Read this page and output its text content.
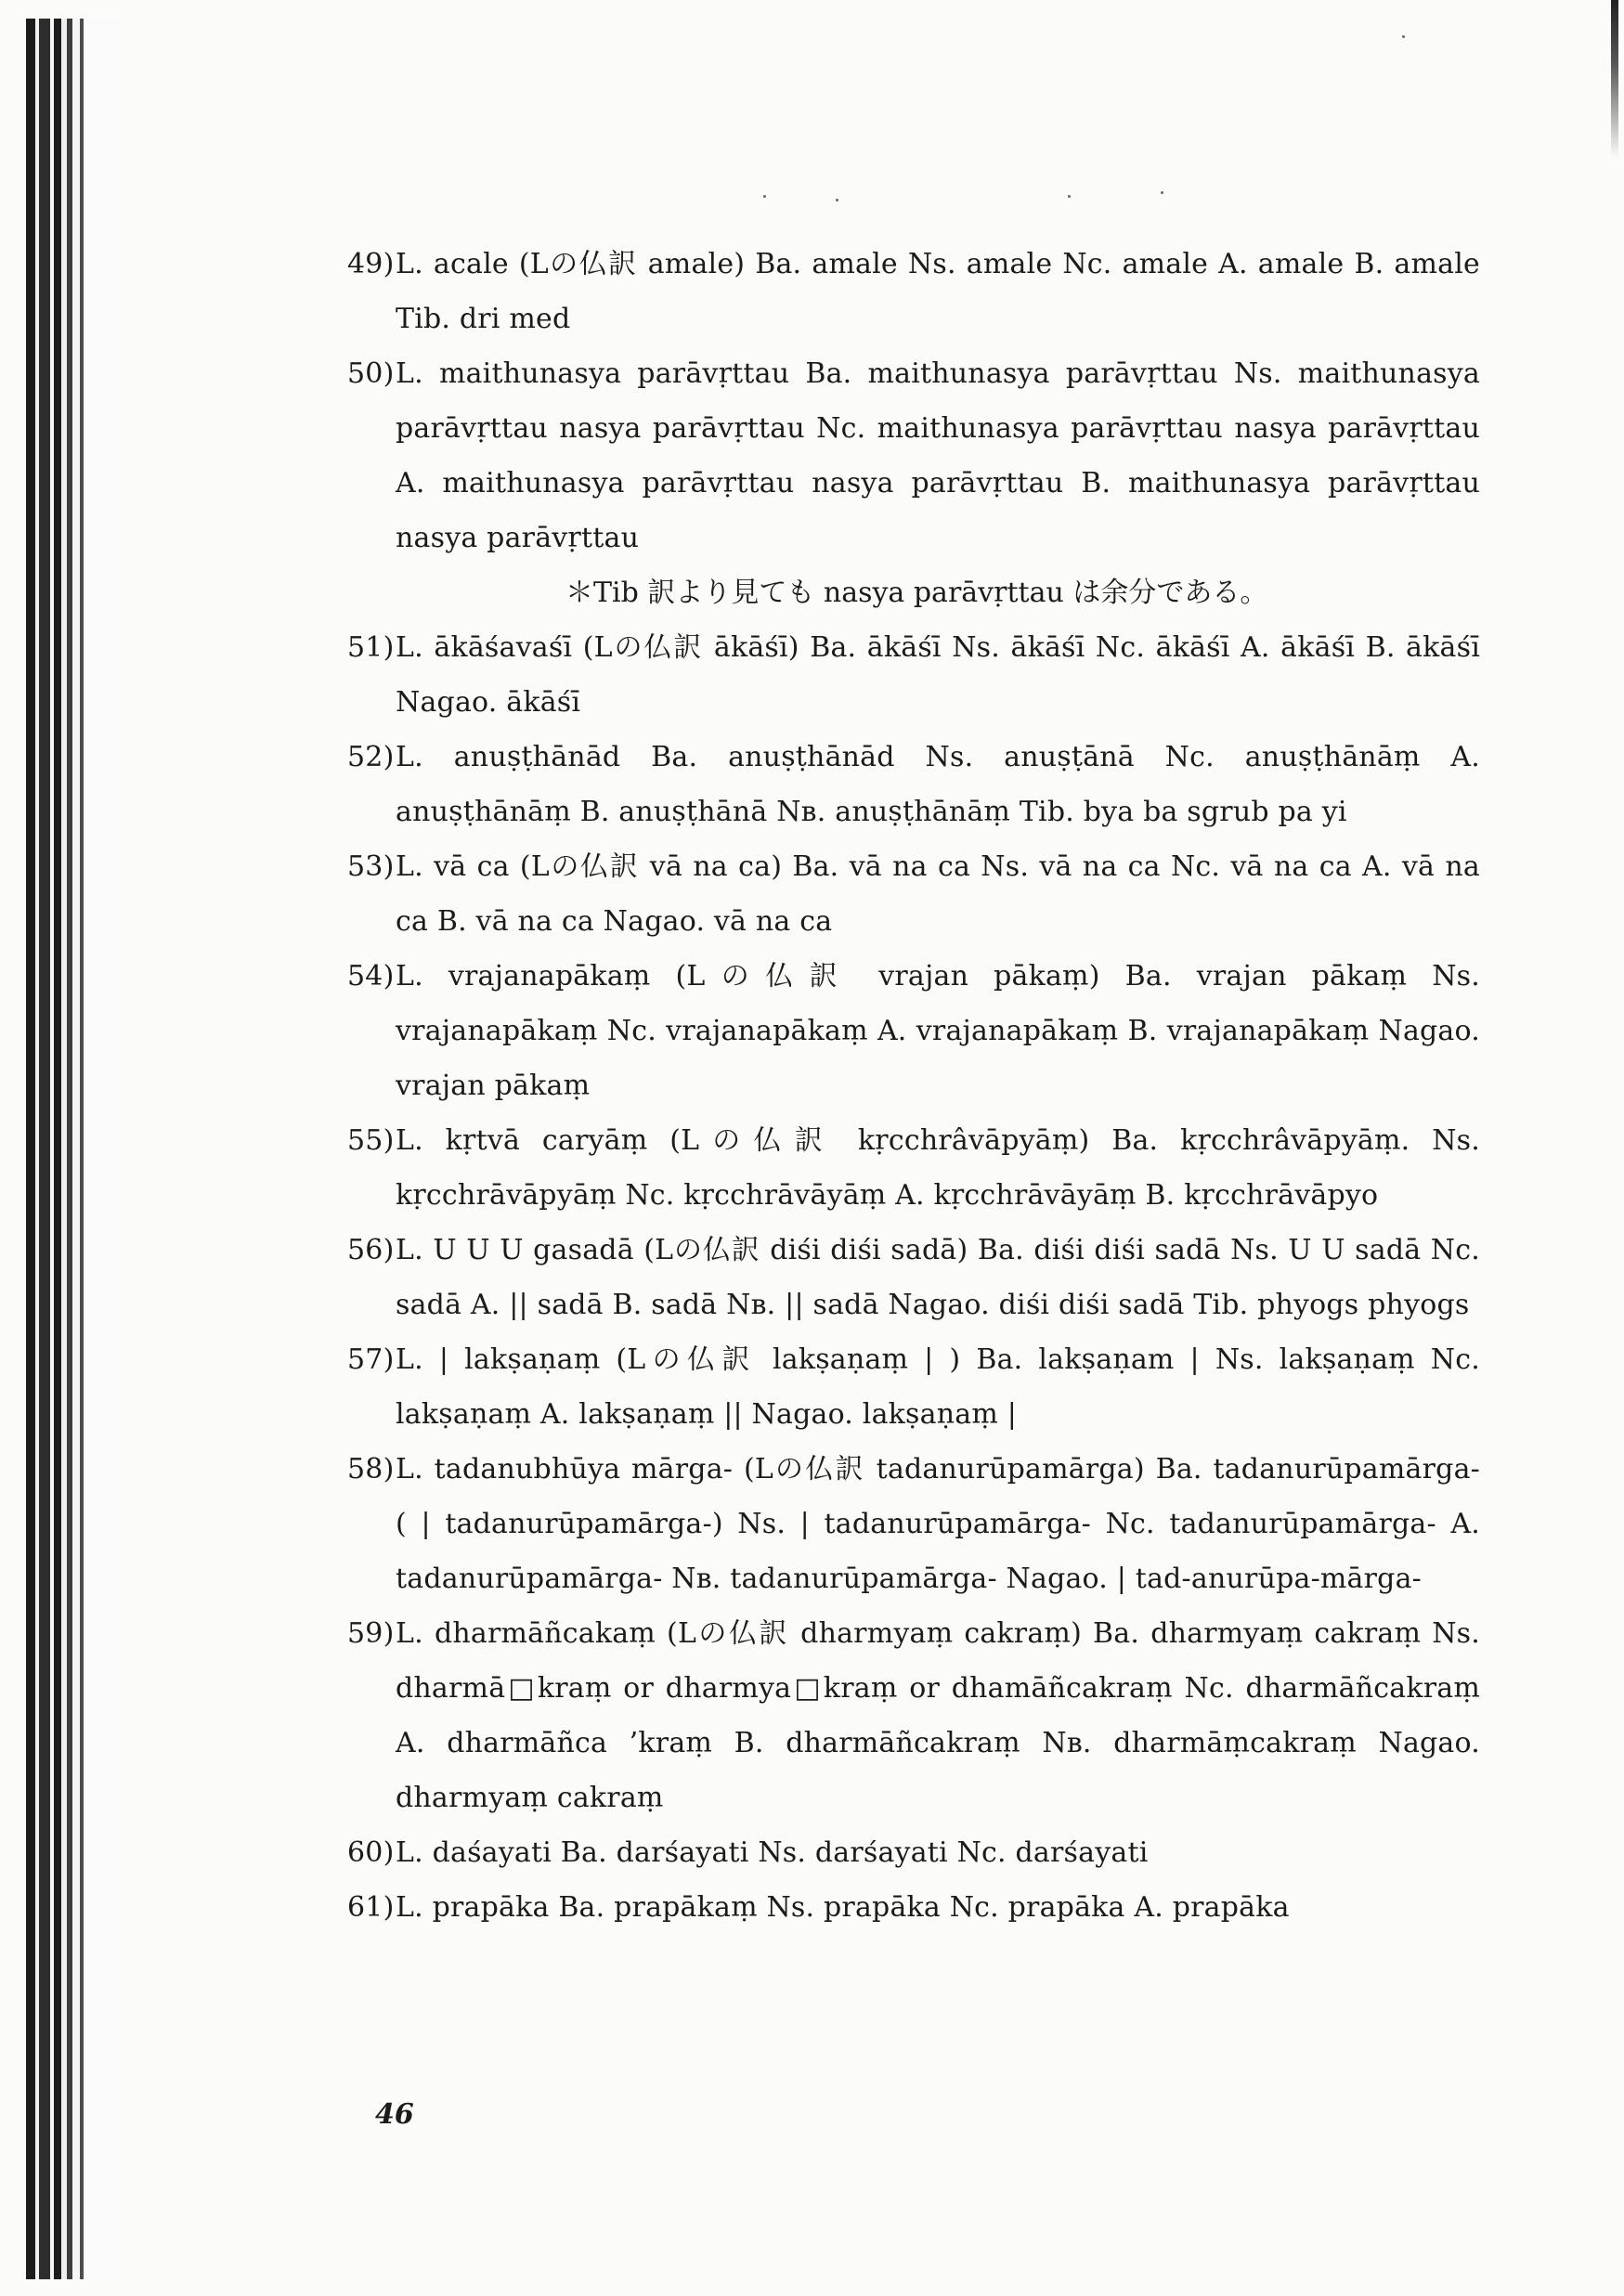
49) L. acale (Lの仏訳 amale) Ba. amale Ns. amale Nc. amale A. amale B. amale Tib. dri med

50) L. maithunasya parāvṛttau Ba. maithunasya parāvṛttau Ns. maithunasya parāvṛttau nasya parāvṛttau Nc. maithunasya parāvṛttau nasya parāvṛttau A. maithunasya parāvṛttau nasya parāvṛttau B. maithunasya parāvṛttau nasya parāvṛttau

＊Tib 訳より見ても nasya parāvṛttau は余分である。

51) L. ākāśavaśī (Lの仏訳 ākāśī) Ba. ākāśī Ns. ākāśī Nc. ākāśī A. ākāśī B. ākāśī Nagao. ākāśī

52) L. anuṣṭhānād Ba. anuṣṭhānād Ns. anuṣṭānā Nc. anuṣṭhānāṃ A. anuṣṭhānāṃ B. anuṣṭhānā Nʙ. anuṣṭhānāṃ Tib. bya ba sgrub pa yi

53) L. vā ca (Lの仏訳 vā na ca) Ba. vā na ca Ns. vā na ca Nc. vā na ca A. vā na ca B. vā na ca Nagao. vā na ca

54) L. vrajanapākaṃ (Lの仏訳 vrajan pākaṃ) Ba. vrajan pākaṃ Ns. vrajanapākaṃ Nc. vrajanapākaṃ A. vrajanapākaṃ B. vrajanapākaṃ Nagao. vrajan pākaṃ

55) L. kṛtvā caryāṃ (Lの仏訳 kṛcchrâvāpyāṃ) Ba. kṛcchrâvāpyāṃ. Ns. kṛcchrāvāpyāṃ Nc. kṛcchrāvāyāṃ A. kṛcchrāvāyāṃ B. kṛcchrāvāpyo

56) L. U U U gasadā (Lの仏訳 diśi diśi sadā) Ba. diśi diśi sadā Ns. U U sadā Nc. sadā A. || sadā B. sadā Nʙ. || sadā Nagao. diśi diśi sadā Tib. phyogs phyogs

57) L. | lakṣaṇaṃ (Lの仏訳 lakṣaṇaṃ | ) Ba. lakṣaṇam | Ns. lakṣaṇaṃ Nc. lakṣaṇaṃ A. lakṣaṇaṃ || Nagao. lakṣaṇaṃ |

58) L. tadanubhūya mārga- (Lの仏訳 tadanurūpamārga) Ba. tadanurūpamārga- ( | tadanurūpamārga-) Ns. | tadanurūpamārga- Nc. tadanurūpamārga- A. tadanurūpamārga- Nʙ. tadanurūpamārga- Nagao. | tad-anurūpa-mārga-

59) L. dharmāñcakaṃ (Lの仏訳 dharmyaṃ cakraṃ) Ba. dharmyaṃ cakraṃ Ns. dharmā□kraṃ or dharmya□kraṃ or dhamāñcakraṃ Nc. dharmāñcakraṃ A. dharmāñca ’kraṃ B. dharmāñcakraṃ Nʙ. dharmāṃcakraṃ Nagao. dharmyaṃ cakraṃ

60) L. daśayati Ba. darśayati Ns. darśayati Nc. darśayati

61) L. prapāka Ba. prapākaṃ Ns. prapāka Nc. prapāka A. prapāka

46
